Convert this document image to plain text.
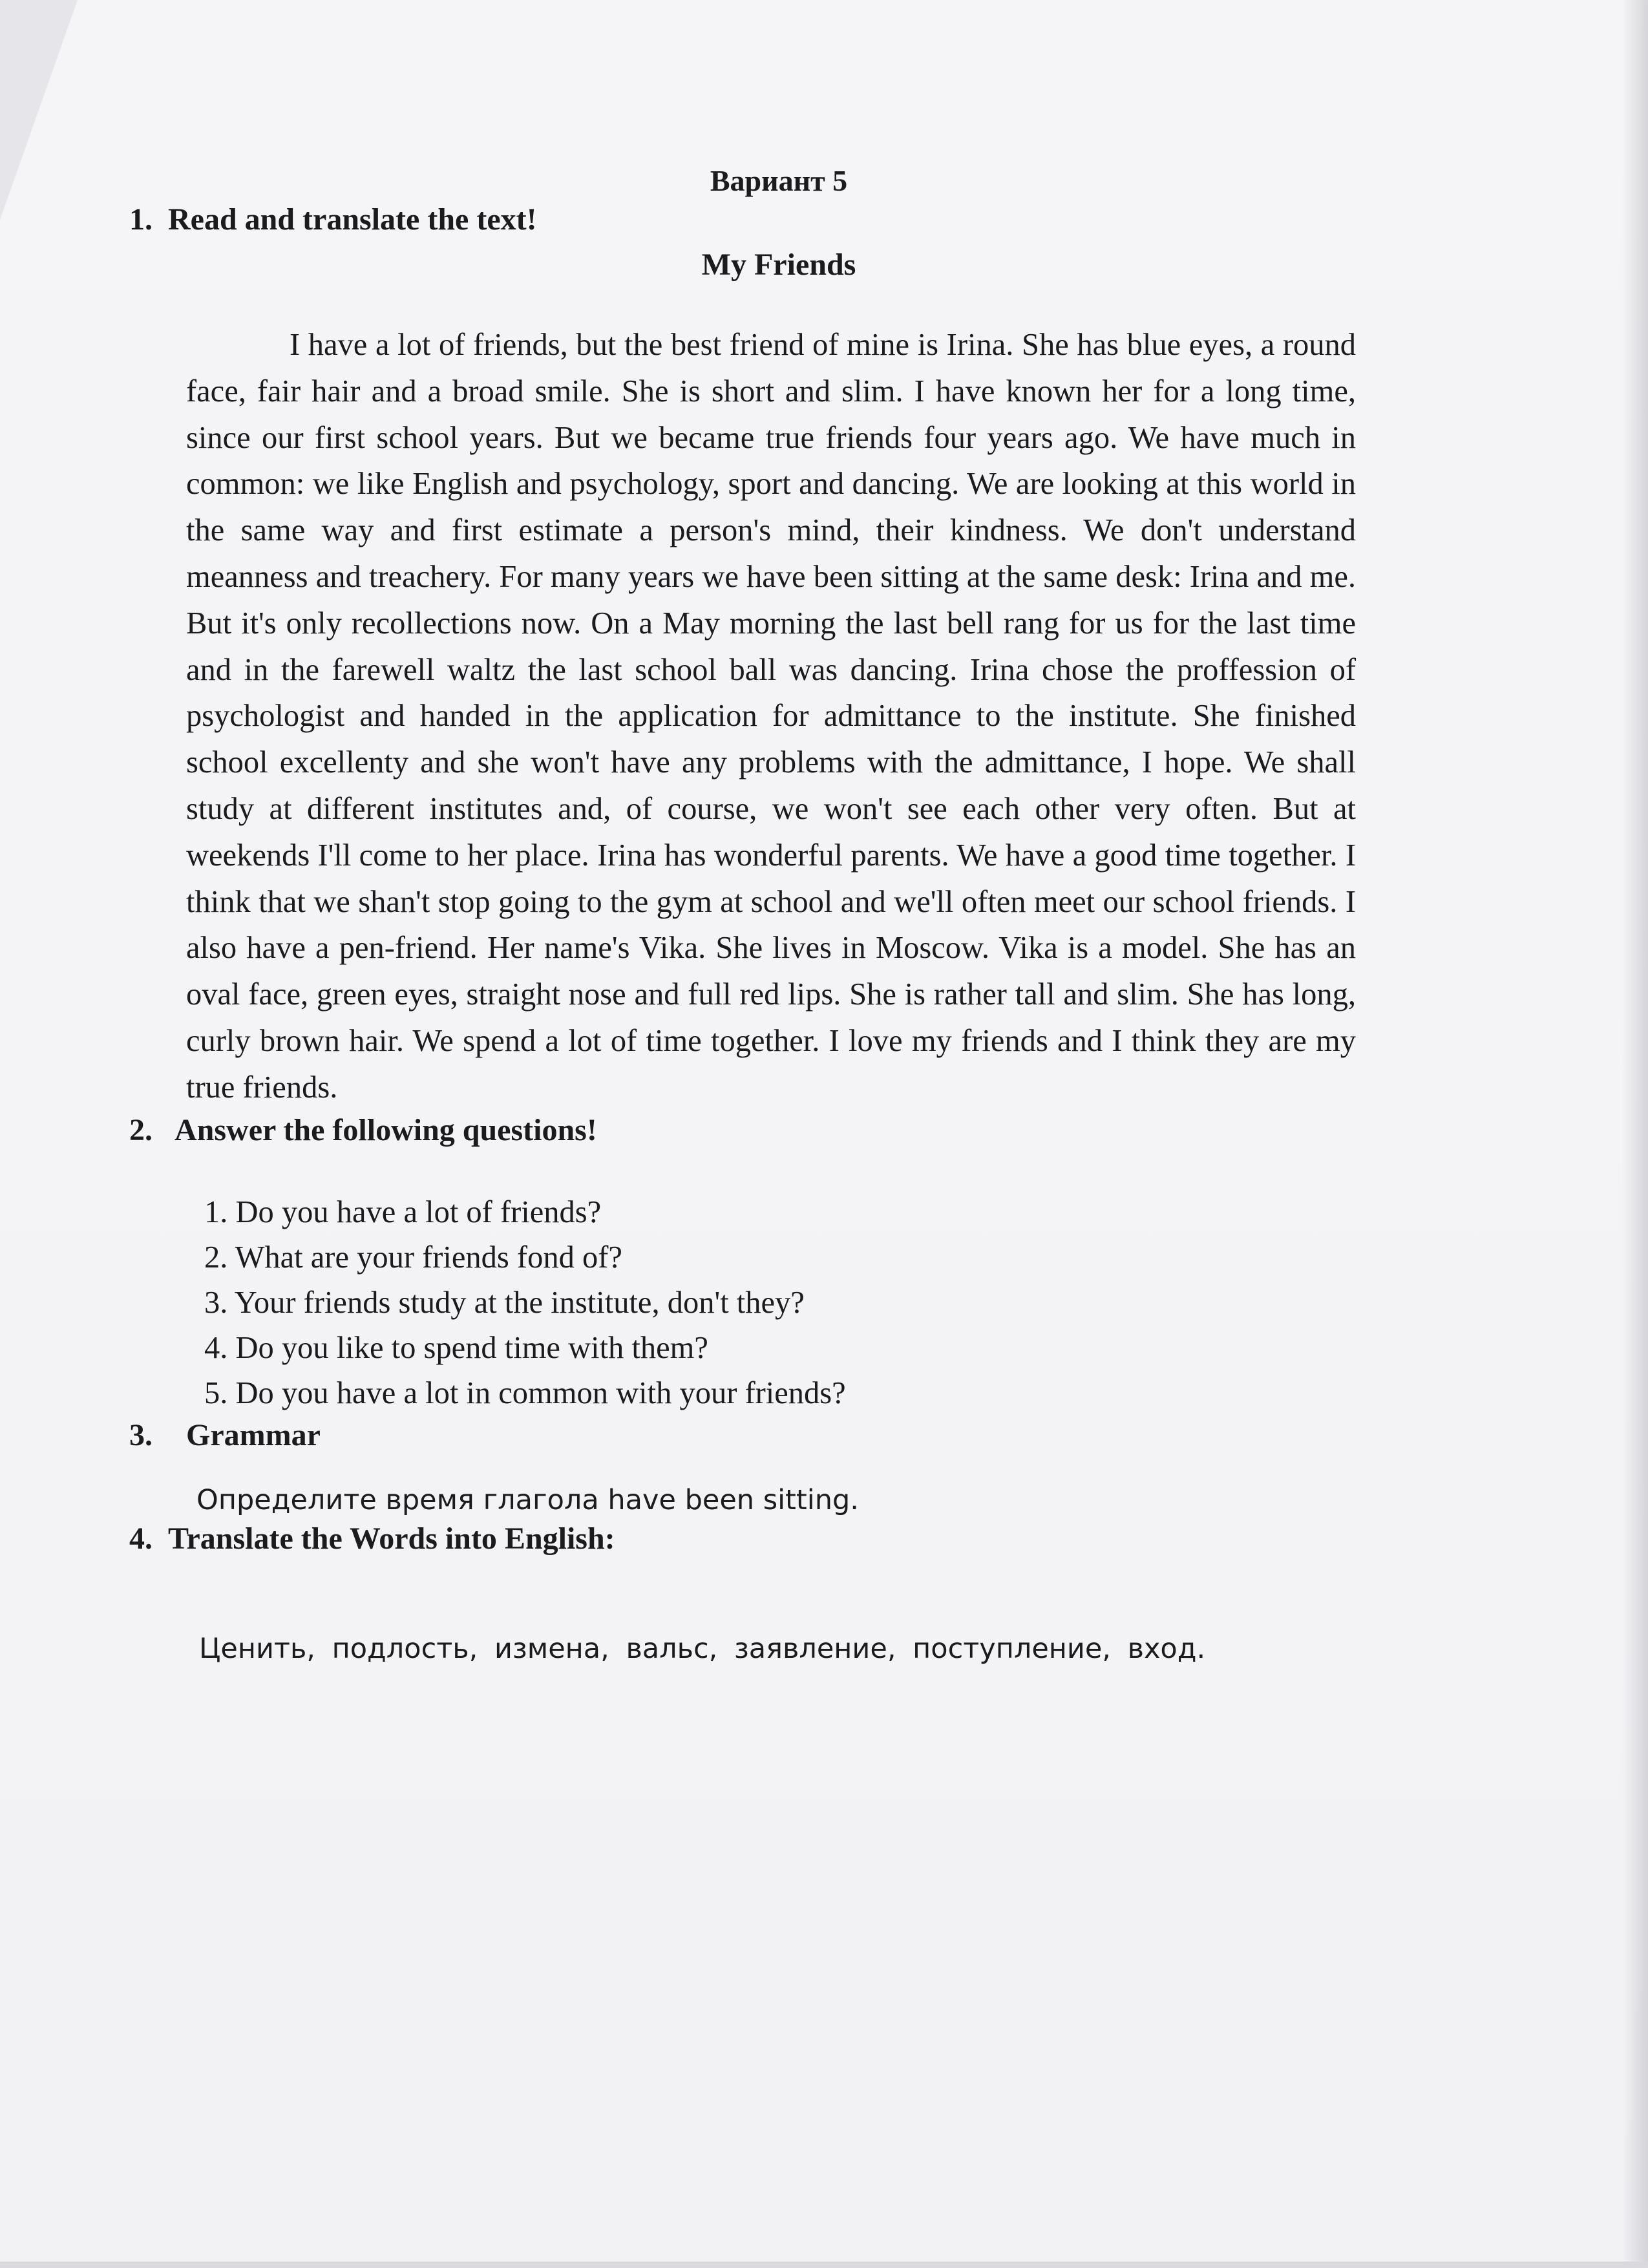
Вариант 5
1. Read and translate the text!
My Friends

I have a lot of friends, but the best friend of mine is Irina. She has blue eyes, a round face, fair hair and a broad smile. She is short and slim. I have known her for a long time, since our first school years. But we became true friends four years ago. We have much in common: we like English and psychology, sport and dancing. We are looking at this world in the same way and first estimate a person's mind, their kindness. We don't understand meanness and treachery. For many years we have been sitting at the same desk: Irina and me. But it's only recollections now. On a May morning the last bell rang for us for the last time and in the farewell waltz the last school ball was dancing. Irina chose the proffession of psychologist and handed in the application for admittance to the institute. She finished school excellenty and she won't have any problems with the admittance, I hope. We shall study at different institutes and, of course, we won't see each other very often. But at weekends I'll come to her place. Irina has wonderful parents. We have a good time together. I think that we shan't stop going to the gym at school and we'll often meet our school friends. I also have a pen-friend. Her name's Vika. She lives in Moscow. Vika is a model. She has an oval face, green eyes, straight nose and full red lips. She is rather tall and slim. She has long, curly brown hair. We spend a lot of time together. I love my friends and I think they are my true friends.

2. Answer the following questions!
1. Do you have a lot of friends?
2. What are your friends fond of?
3. Your friends study at the institute, don't they?
4. Do you like to spend time with them?
5. Do you have a lot in common with your friends?
3. Grammar

Определите время глагола have been sitting.

4. Translate the Words into English:

Ценить, подлость, измена, вальс, заявление, поступление, вход.
